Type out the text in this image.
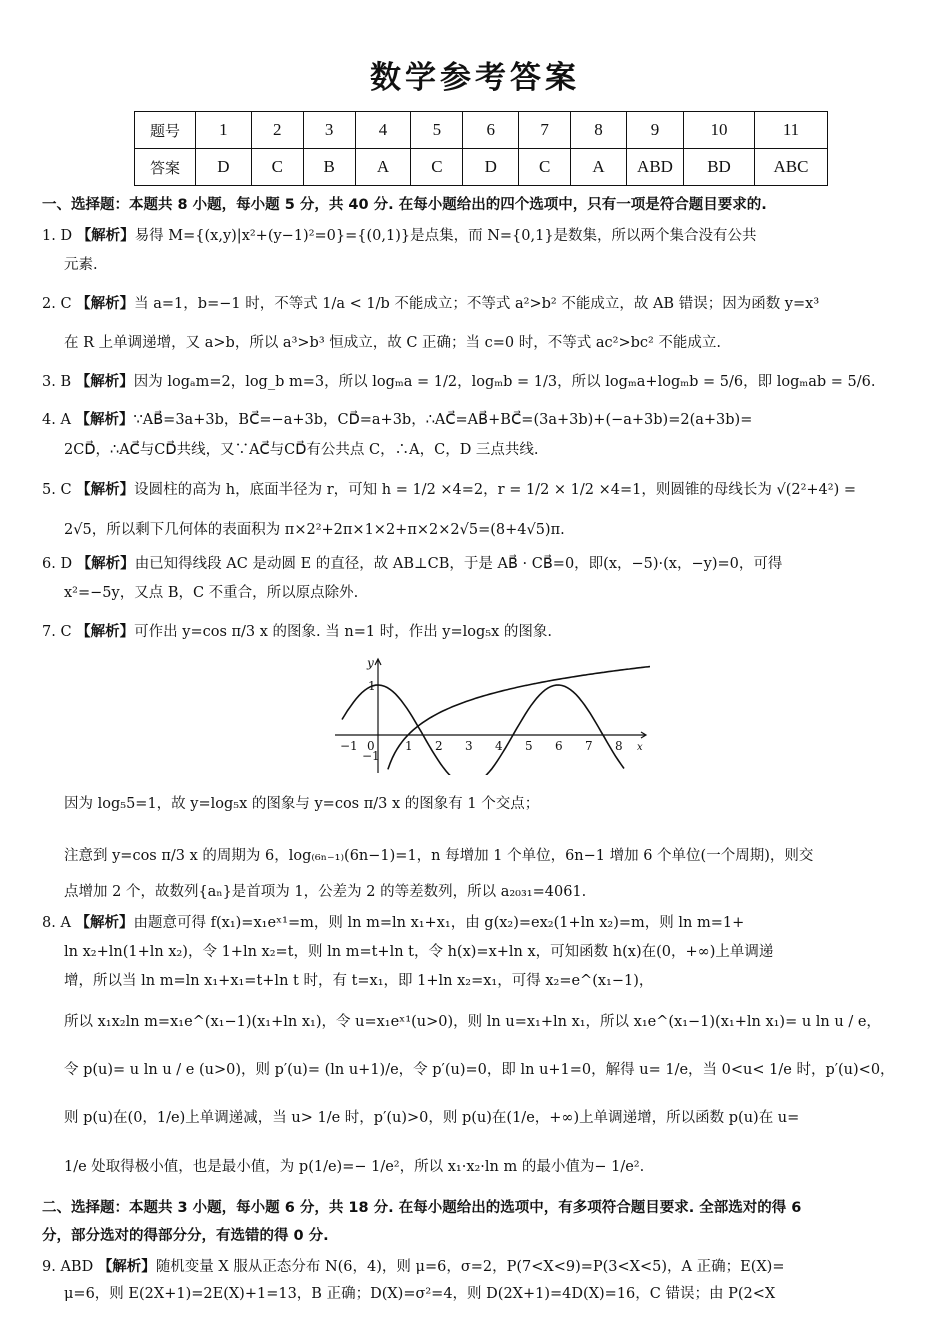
数学参考答案
题号	1	2	3	4	5	6	7	8	9	10	11
答案	D	C	B	A	C	D	C	A	ABD	BD	ABC
一、选择题：本题共 8 小题，每小题 5 分，共 40 分. 在每小题给出的四个选项中，只有一项是符合题目要求的.
1. D 【解析】易得 M={(x,y)|x²+(y−1)²=0}={(0,1)}是点集，而 N={0,1}是数集，所以两个集合没有公共
元素.
2. C 【解析】当 a=1，b=−1 时，不等式 1/a < 1/b 不能成立；不等式 a²>b² 不能成立，故 AB 错误；因为函数 y=x³
在 R 上单调递增，又 a>b，所以 a³>b³ 恒成立，故 C 正确；当 c=0 时，不等式 ac²>bc² 不能成立.
3. B 【解析】因为 logₐm=2，log_b m=3，所以 logₘa = 1/2，logₘb = 1/3，所以 logₘa+logₘb = 5/6，即 logₘab = 5/6.
4. A 【解析】∵AB⃗=3a+3b，BC⃗=−a+3b，CD⃗=a+3b，∴AC⃗=AB⃗+BC⃗=(3a+3b)+(−a+3b)=2(a+3b)=
2CD⃗，∴AC⃗与CD⃗共线，又∵AC⃗与CD⃗有公共点 C，∴A，C，D 三点共线.
5. C 【解析】设圆柱的高为 h，底面半径为 r，可知 h = 1/2 ×4=2，r = 1/2 × 1/2 ×4=1，则圆锥的母线长为 √(2²+4²) =
2√5，所以剩下几何体的表面积为 π×2²+2π×1×2+π×2×2√5=(8+4√5)π.
6. D 【解析】由已知得线段 AC 是动圆 E 的直径，故 AB⊥CB，于是 AB⃗ · CB⃗=0，即(x，−5)·(x，−y)=0，可得
x²=−5y，又点 B，C 不重合，所以原点除外.
7. C 【解析】可作出 y=cos π/3 x 的图象. 当 n=1 时，作出 y=log₅x 的图象.
y
x
1
−1
−1 0	1 2 3 4 5 6 7 8
因为 log₅5=1，故 y=log₅x 的图象与 y=cos π/3 x 的图象有 1 个交点；
注意到 y=cos π/3 x 的周期为 6，log₍₆ₙ₋₁₎(6n−1)=1，n 每增加 1 个单位，6n−1 增加 6 个单位(一个周期)，则交
点增加 2 个，故数列{aₙ}是首项为 1，公差为 2 的等差数列，所以 a₂₀₃₁=4061.
8. A 【解析】由题意可得 f(x₁)=x₁eˣ¹=m，则 ln m=ln x₁+x₁，由 g(x₂)=ex₂(1+ln x₂)=m，则 ln m=1+
ln x₂+ln(1+ln x₂)，令 1+ln x₂=t，则 ln m=t+ln t，令 h(x)=x+ln x，可知函数 h(x)在(0，+∞)上单调递
增，所以当 ln m=ln x₁+x₁=t+ln t 时，有 t=x₁，即 1+ln x₂=x₁，可得 x₂=e^(x₁−1)，
所以 x₁x₂ln m=x₁e^(x₁−1)(x₁+ln x₁)，令 u=x₁eˣ¹(u>0)，则 ln u=x₁+ln x₁，所以 x₁e^(x₁−1)(x₁+ln x₁)= u ln u / e，
令 p(u)= u ln u / e (u>0)，则 p′(u)= (ln u+1)/e，令 p′(u)=0，即 ln u+1=0，解得 u= 1/e，当 0<u< 1/e 时，p′(u)<0，
则 p(u)在(0，1/e)上单调递减，当 u> 1/e 时，p′(u)>0，则 p(u)在(1/e，+∞)上单调递增，所以函数 p(u)在 u=
1/e 处取得极小值，也是最小值，为 p(1/e)=− 1/e²，所以 x₁·x₂·ln m 的最小值为− 1/e².
二、选择题：本题共 3 小题，每小题 6 分，共 18 分. 在每小题给出的选项中，有多项符合题目要求. 全部选对的得 6
分，部分选对的得部分分，有选错的得 0 分.
9. ABD 【解析】随机变量 X 服从正态分布 N(6，4)，则 μ=6，σ=2，P(7<X<9)=P(3<X<5)，A 正确；E(X)=
μ=6，则 E(2X+1)=2E(X)+1=13，B 正确；D(X)=σ²=4，则 D(2X+1)=4D(X)=16，C 错误；由 P(2<X
